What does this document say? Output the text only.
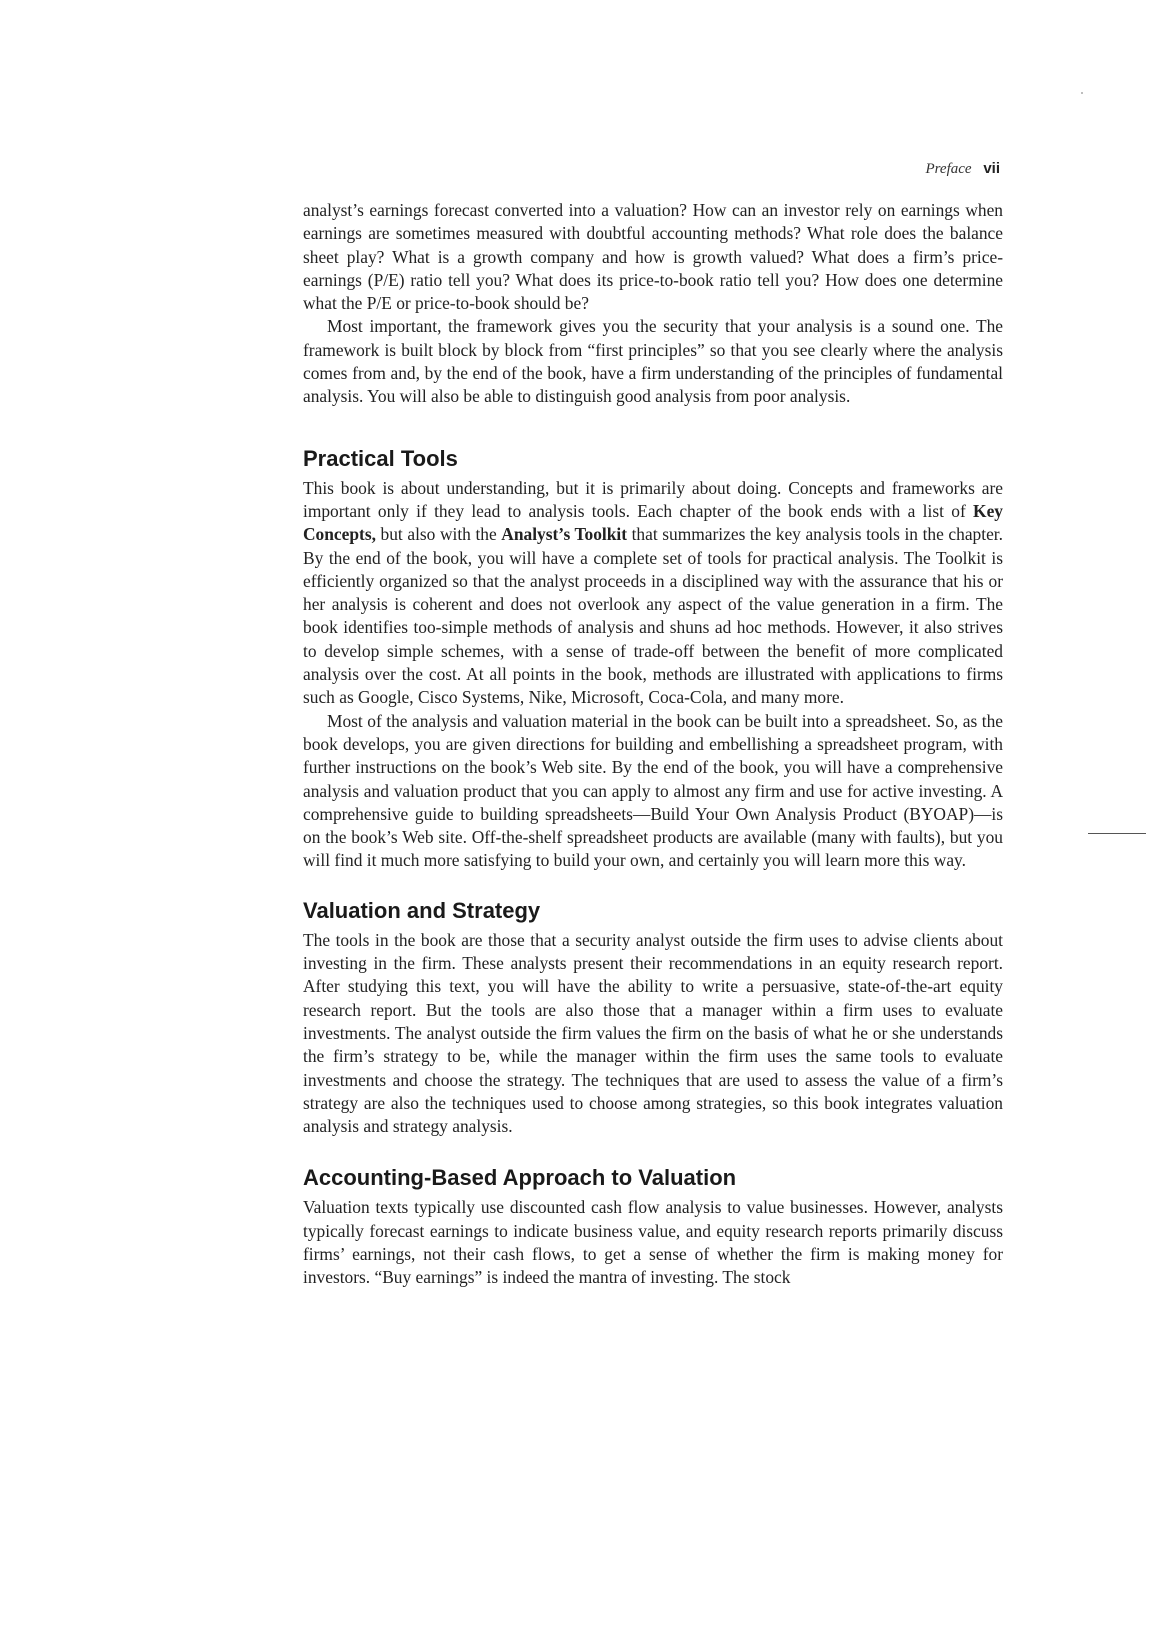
Preface vii

analyst’s earnings forecast converted into a valuation? How can an investor rely on earnings when earnings are sometimes measured with doubtful accounting methods? What role does the balance sheet play? What is a growth company and how is growth valued? What does a firm’s price-earnings (P/E) ratio tell you? What does its price-to-book ratio tell you? How does one determine what the P/E or price-to-book should be?

Most important, the framework gives you the security that your analysis is a sound one. The framework is built block by block from “first principles” so that you see clearly where the analysis comes from and, by the end of the book, have a firm understanding of the principles of fundamental analysis. You will also be able to distinguish good analysis from poor analysis.

Practical Tools

This book is about understanding, but it is primarily about doing. Concepts and frameworks are important only if they lead to analysis tools. Each chapter of the book ends with a list of Key Concepts, but also with the Analyst’s Toolkit that summarizes the key analysis tools in the chapter. By the end of the book, you will have a complete set of tools for practical analysis. The Toolkit is efficiently organized so that the analyst proceeds in a disciplined way with the assurance that his or her analysis is coherent and does not overlook any aspect of the value generation in a firm. The book identifies too-simple methods of analysis and shuns ad hoc methods. However, it also strives to develop simple schemes, with a sense of trade-off between the benefit of more complicated analysis over the cost. At all points in the book, methods are illustrated with applications to firms such as Google, Cisco Systems, Nike, Microsoft, Coca-Cola, and many more.

Most of the analysis and valuation material in the book can be built into a spreadsheet. So, as the book develops, you are given directions for building and embellishing a spreadsheet program, with further instructions on the book’s Web site. By the end of the book, you will have a comprehensive analysis and valuation product that you can apply to almost any firm and use for active investing. A comprehensive guide to building spreadsheets—Build Your Own Analysis Product (BYOAP)—is on the book’s Web site. Off-the-shelf spreadsheet products are available (many with faults), but you will find it much more satisfying to build your own, and certainly you will learn more this way.

Valuation and Strategy

The tools in the book are those that a security analyst outside the firm uses to advise clients about investing in the firm. These analysts present their recommendations in an equity research report. After studying this text, you will have the ability to write a persuasive, state-of-the-art equity research report. But the tools are also those that a manager within a firm uses to evaluate investments. The analyst outside the firm values the firm on the basis of what he or she understands the firm’s strategy to be, while the manager within the firm uses the same tools to evaluate investments and choose the strategy. The techniques that are used to assess the value of a firm’s strategy are also the techniques used to choose among strategies, so this book integrates valuation analysis and strategy analysis.

Accounting-Based Approach to Valuation

Valuation texts typically use discounted cash flow analysis to value businesses. However, analysts typically forecast earnings to indicate business value, and equity research reports primarily discuss firms’ earnings, not their cash flows, to get a sense of whether the firm is making money for investors. “Buy earnings” is indeed the mantra of investing. The stock
